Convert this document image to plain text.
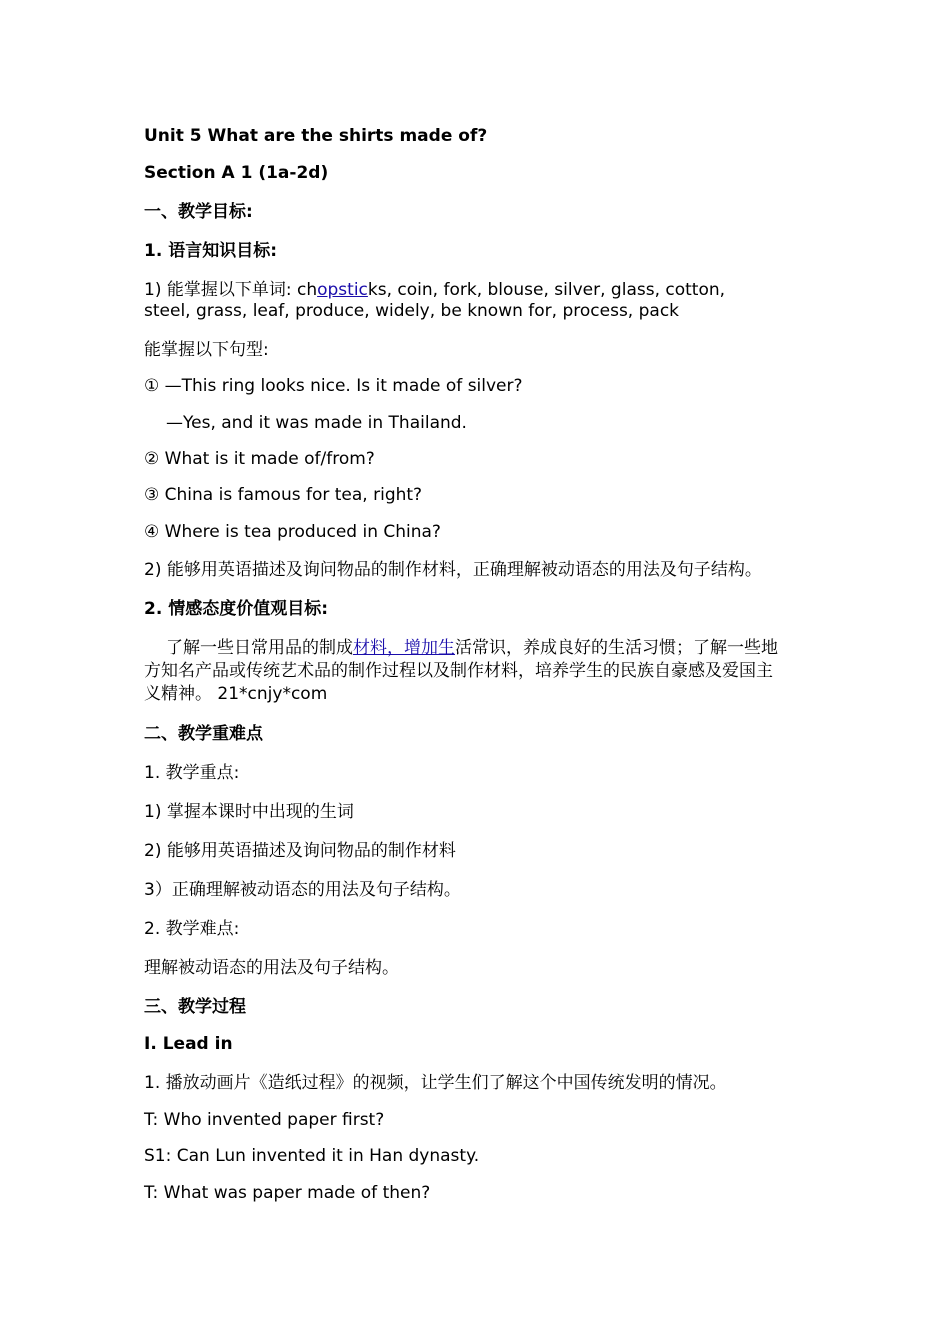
Unit 5 What are the shirts made of?
Section A 1 (1a-2d)
一、教学目标:
1. 语言知识目标:
1) 能掌握以下单词: chopsticks, coin, fork, blouse, silver, glass, cotton,
steel, grass, leaf, produce, widely, be known for, process, pack
能掌握以下句型:
① —This ring looks nice. Is it made of silver?
—Yes, and it was made in Thailand.
② What is it made of/from?
③ China is famous for tea, right?
④ Where is tea produced in China?
2) 能够用英语描述及询问物品的制作材料，正确理解被动语态的用法及句子结构。
2. 情感态度价值观目标:
了解一些日常用品的制成材料，增加生活常识，养成良好的生活习惯；了解一些地
方知名产品或传统艺术品的制作过程以及制作材料，培养学生的民族自豪感及爱国主
义精神。 21*cnjy*com
二、教学重难点
1. 教学重点:
1) 掌握本课时中出现的生词
2) 能够用英语描述及询问物品的制作材料
3）正确理解被动语态的用法及句子结构。
2. 教学难点:
理解被动语态的用法及句子结构。
三、教学过程
I. Lead in
1. 播放动画片《造纸过程》的视频，让学生们了解这个中国传统发明的情况。
T: Who invented paper first?
S1: Can Lun invented it in Han dynasty.
T: What was paper made of then?
